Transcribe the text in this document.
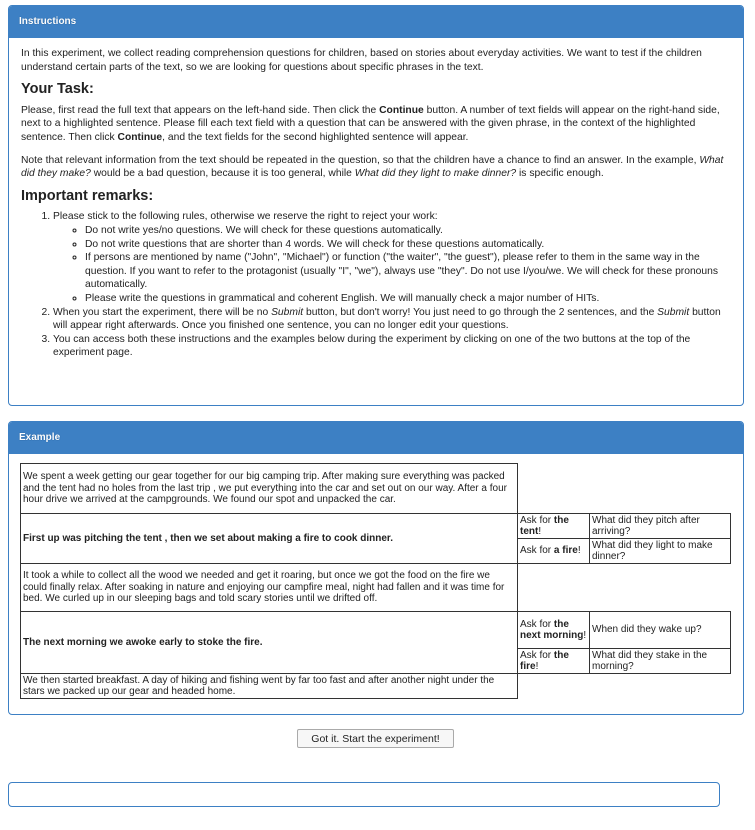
Instructions

In this experiment, we collect reading comprehension questions for children, based on stories about everyday activities. We want to test if the children understand certain parts of the text, so we are looking for questions about specific phrases in the text.

Your Task:

Please, first read the full text that appears on the left-hand side. Then click the Continue button. A number of text fields will appear on the right-hand side, next to a highlighted sentence. Please fill each text field with a question that can be answered with the given phrase, in the context of the highlighted sentence. Then click Continue, and the text fields for the second highlighted sentence will appear.

Note that relevant information from the text should be repeated in the question, so that the children have a chance to find an answer. In the example, What did they make? would be a bad question, because it is too general, while What did they light to make dinner? is specific enough.

Important remarks:
1. Please stick to the following rules, otherwise we reserve the right to reject your work:
◦ Do not write yes/no questions. We will check for these questions automatically.
◦ Do not write questions that are shorter than 4 words. We will check for these questions automatically.
◦ If persons are mentioned by name ("John", "Michael") or function ("the waiter", "the guest"), please refer to them in the same way in the question. If you want to refer to the protagonist (usually "I", "we"), always use "they". Do not use I/you/we. We will check for these pronouns automatically.
◦ Please write the questions in grammatical and coherent English. We will manually check a major number of HITs.
2. When you start the experiment, there will be no Submit button, but don't worry! You just need to go through the 2 sentences, and the Submit button will appear right afterwards. Once you finished one sentence, you can no longer edit your questions.
3. You can access both these instructions and the examples below during the experiment by clicking on one of the two buttons at the top of the experiment page.
Example
We spent a week getting our gear together for our big camping trip. After making sure everything was packed and the tent had no holes from the last trip , we put everything into the car and set out on our way. After a four hour drive we arrived at the campgrounds. We found our spot and unpacked the car.		
First up was pitching the tent , then we set about making a fire to cook dinner.	Ask for the tent!	What did they pitch after arriving?
	Ask for a fire!	What did they light to make dinner?
It took a while to collect all the wood we needed and get it roaring, but once we got the food on the fire we could finally relax. After soaking in nature and enjoying our campfire meal, night had fallen and it was time for bed. We curled up in our sleeping bags and told scary stories until we drifted off.		
The next morning we awoke early to stoke the fire.	Ask for the next morning!	When did they wake up?
	Ask for the fire!	What did they stake in the morning?
We then started breakfast. A day of hiking and fishing went by far too fast and after another night under the stars we packed up our gear and headed home.		
Got it. Start the experiment!
